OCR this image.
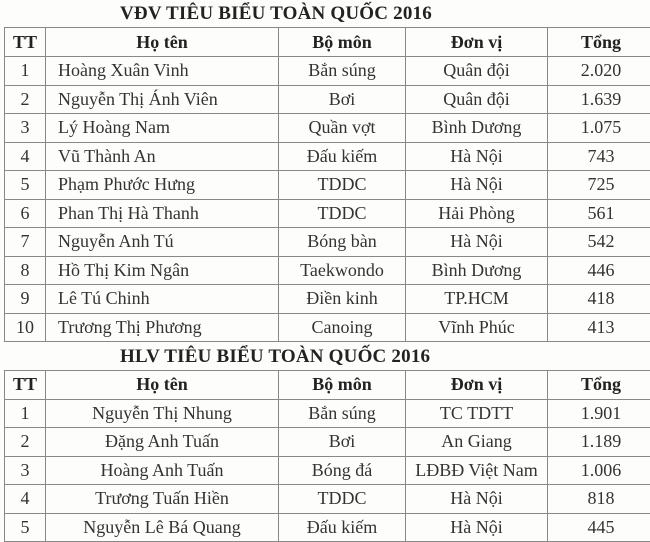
VĐV TIÊU BIỂU TOÀN QUỐC 2016
TT	Họ tên	Bộ môn	Đơn vị	Tổng
1	Hoàng Xuân Vinh	Bắn súng	Quân đội	2.020
2	Nguyễn Thị Ánh Viên	Bơi	Quân đội	1.639
3	Lý Hoàng Nam	Quần vợt	Bình Dương	1.075
4	Vũ Thành An	Đấu kiếm	Hà Nội	743
5	Phạm Phước Hưng	TDDC	Hà Nội	725
6	Phan Thị Hà Thanh	TDDC	Hải Phòng	561
7	Nguyễn Anh Tú	Bóng bàn	Hà Nội	542
8	Hồ Thị Kim Ngân	Taekwondo	Bình Dương	446
9	Lê Tú Chinh	Điền kinh	TP.HCM	418
10	Trương Thị Phương	Canoing	Vĩnh Phúc	413
HLV TIÊU BIỂU TOÀN QUỐC 2016
TT	Họ tên	Bộ môn	Đơn vị	Tổng
1	Nguyễn Thị Nhung	Bắn súng	TC TDTT	1.901
2	Đặng Anh Tuấn	Bơi	An Giang	1.189
3	Hoàng Anh Tuấn	Bóng đá	LĐBĐ Việt Nam	1.006
4	Trương Tuấn Hiền	TDDC	Hà Nội	818
5	Nguyễn Lê Bá Quang	Đấu kiếm	Hà Nội	445
